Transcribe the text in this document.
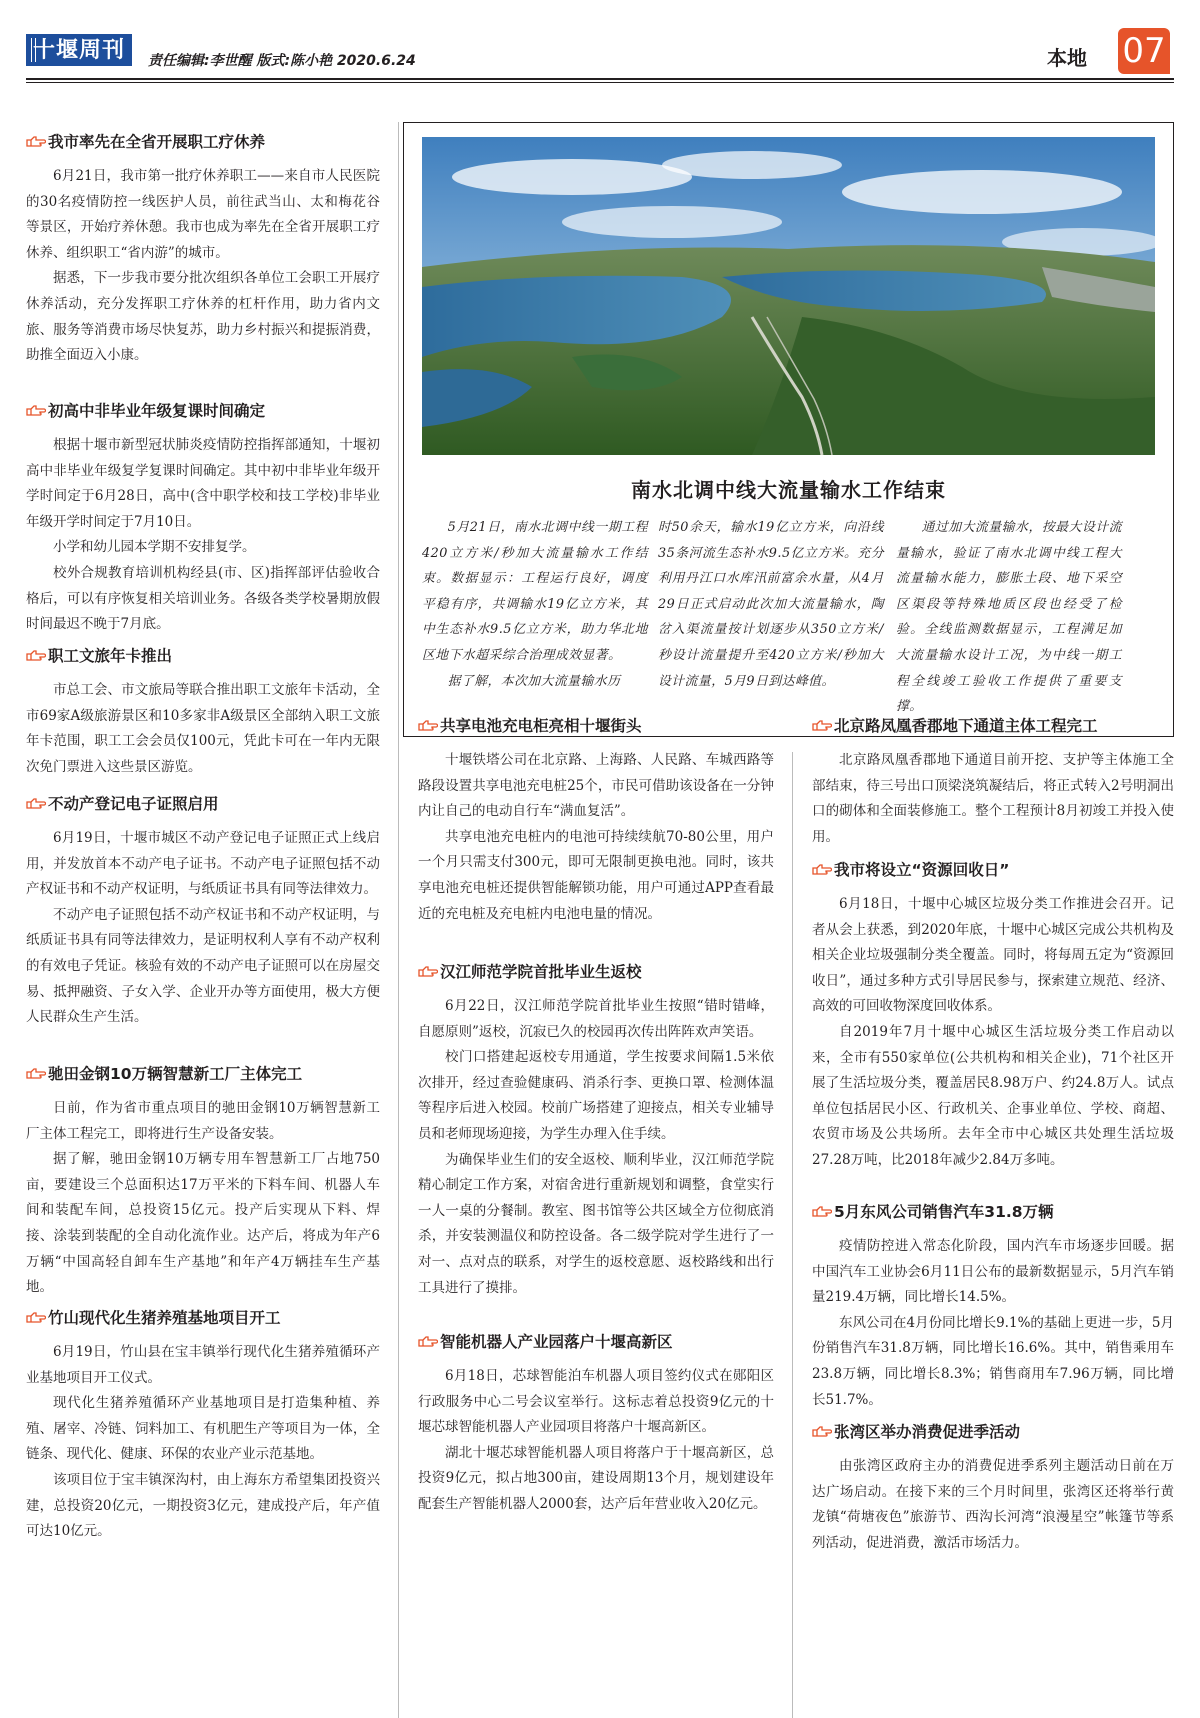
十堰周刊	责任编辑:李世醒 版式:陈小艳 2020.6.24	本地 07
南水北调中线大流量输水工作结束

5月21日，南水北调中线一期工程420立方米/秒加大流量输水工作结束。数据显示：工程运行良好，调度平稳有序，共调输水19亿立方米，其中生态补水9.5亿立方米，助力华北地区地下水超采综合治理成效显著。

据了解，本次加大流量输水历

时50余天，输水19亿立方米，向沿线35条河流生态补水9.5亿立方米。充分利用丹江口水库汛前富余水量，从4月29日正式启动此次加大流量输水，陶岔入渠流量按计划逐步从350立方米/秒设计流量提升至420立方米/秒加大设计流量，5月9日到达峰值。

通过加大流量输水，按最大设计流量输水，验证了南水北调中线工程大流量输水能力，膨胀土段、地下采空区渠段等特殊地质区段也经受了检验。全线监测数据显示，工程满足加大流量输水设计工况，为中线一期工程全线竣工验收工作提供了重要支撑。

我市率先在全省开展职工疗休养

6月21日，我市第一批疗休养职工——来自市人民医院的30名疫情防控一线医护人员，前往武当山、太和梅花谷等景区，开始疗养休憩。我市也成为率先在全省开展职工疗休养、组织职工“省内游”的城市。

据悉，下一步我市要分批次组织各单位工会职工开展疗休养活动，充分发挥职工疗休养的杠杆作用，助力省内文旅、服务等消费市场尽快复苏，助力乡村振兴和提振消费，助推全面迈入小康。

初高中非毕业年级复课时间确定

根据十堰市新型冠状肺炎疫情防控指挥部通知，十堰初高中非毕业年级复学复课时间确定。其中初中非毕业年级开学时间定于6月28日，高中(含中职学校和技工学校)非毕业年级开学时间定于7月10日。

小学和幼儿园本学期不安排复学。

校外合规教育培训机构经县(市、区)指挥部评估验收合格后，可以有序恢复相关培训业务。各级各类学校暑期放假时间最迟不晚于7月底。

职工文旅年卡推出

市总工会、市文旅局等联合推出职工文旅年卡活动，全市69家A级旅游景区和10多家非A级景区全部纳入职工文旅年卡范围，职工工会会员仅100元，凭此卡可在一年内无限次免门票进入这些景区游览。

不动产登记电子证照启用

6月19日，十堰市城区不动产登记电子证照正式上线启用，并发放首本不动产电子证书。不动产电子证照包括不动产权证书和不动产权证明，与纸质证书具有同等法律效力。

不动产电子证照包括不动产权证书和不动产权证明，与纸质证书具有同等法律效力，是证明权利人享有不动产权利的有效电子凭证。核验有效的不动产电子证照可以在房屋交易、抵押融资、子女入学、企业开办等方面使用，极大方便人民群众生产生活。

驰田金钢10万辆智慧新工厂主体完工

日前，作为省市重点项目的驰田金钢10万辆智慧新工厂主体工程完工，即将进行生产设备安装。

据了解，驰田金钢10万辆专用车智慧新工厂占地750亩，要建设三个总面积达17万平米的下料车间、机器人车间和装配车间，总投资15亿元。投产后实现从下料、焊接、涂装到装配的全自动化流作业。达产后，将成为年产6万辆“中国高轻自卸车生产基地”和年产4万辆挂车生产基地。

竹山现代化生猪养殖基地项目开工

6月19日，竹山县在宝丰镇举行现代化生猪养殖循环产业基地项目开工仪式。

现代化生猪养殖循环产业基地项目是打造集种植、养殖、屠宰、冷链、饲料加工、有机肥生产等项目为一体，全链条、现代化、健康、环保的农业产业示范基地。

该项目位于宝丰镇深沟村，由上海东方希望集团投资兴建，总投资20亿元，一期投资3亿元，建成投产后，年产值可达10亿元。

共享电池充电柜亮相十堰街头

十堰铁塔公司在北京路、上海路、人民路、车城西路等路段设置共享电池充电桩25个，市民可借助该设备在一分钟内让自己的电动自行车“满血复活”。

共享电池充电桩内的电池可持续续航70-80公里，用户一个月只需支付300元，即可无限制更换电池。同时，该共享电池充电桩还提供智能解锁功能，用户可通过APP查看最近的充电桩及充电桩内电池电量的情况。

汉江师范学院首批毕业生返校

6月22日，汉江师范学院首批毕业生按照“错时错峰，自愿原则”返校，沉寂已久的校园再次传出阵阵欢声笑语。

校门口搭建起返校专用通道，学生按要求间隔1.5米依次排开，经过查验健康码、消杀行李、更换口罩、检测体温等程序后进入校园。校前广场搭建了迎接点，相关专业辅导员和老师现场迎接，为学生办理入住手续。

为确保毕业生们的安全返校、顺利毕业，汉江师范学院精心制定工作方案，对宿舍进行重新规划和调整，食堂实行一人一桌的分餐制。教室、图书馆等公共区域全方位彻底消杀，并安装测温仪和防控设备。各二级学院对学生进行了一对一、点对点的联系，对学生的返校意愿、返校路线和出行工具进行了摸排。

智能机器人产业园落户十堰高新区

6月18日，芯球智能泊车机器人项目签约仪式在郧阳区行政服务中心二号会议室举行。这标志着总投资9亿元的十堰芯球智能机器人产业园项目将落户十堰高新区。

湖北十堰芯球智能机器人项目将落户于十堰高新区，总投资9亿元，拟占地300亩，建设周期13个月，规划建设年配套生产智能机器人2000套，达产后年营业收入20亿元。

北京路凤凰香郡地下通道主体工程完工

北京路凤凰香郡地下通道目前开挖、支护等主体施工全部结束，待三号出口顶梁浇筑凝结后，将正式转入2号明洞出口的砌体和全面装修施工。整个工程预计8月初竣工并投入使用。

我市将设立“资源回收日”

6月18日，十堰中心城区垃圾分类工作推进会召开。记者从会上获悉，到2020年底，十堰中心城区完成公共机构及相关企业垃圾强制分类全覆盖。同时，将每周五定为“资源回收日”，通过多种方式引导居民参与，探索建立规范、经济、高效的可回收物深度回收体系。

自2019年7月十堰中心城区生活垃圾分类工作启动以来，全市有550家单位(公共机构和相关企业)，71个社区开展了生活垃圾分类，覆盖居民8.98万户、约24.8万人。试点单位包括居民小区、行政机关、企事业单位、学校、商超、农贸市场及公共场所。去年全市中心城区共处理生活垃圾27.28万吨，比2018年减少2.84万多吨。

5月东风公司销售汽车31.8万辆

疫情防控进入常态化阶段，国内汽车市场逐步回暖。据中国汽车工业协会6月11日公布的最新数据显示，5月汽车销量219.4万辆，同比增长14.5%。

东风公司在4月份同比增长9.1%的基础上更进一步，5月份销售汽车31.8万辆，同比增长16.6%。其中，销售乘用车23.8万辆，同比增长8.3%；销售商用车7.96万辆，同比增长51.7%。

张湾区举办消费促进季活动

由张湾区政府主办的消费促进季系列主题活动日前在万达广场启动。在接下来的三个月时间里，张湾区还将举行黄龙镇“荷塘夜色”旅游节、西沟长河湾“浪漫星空”帐篷节等系列活动，促进消费，激活市场活力。
